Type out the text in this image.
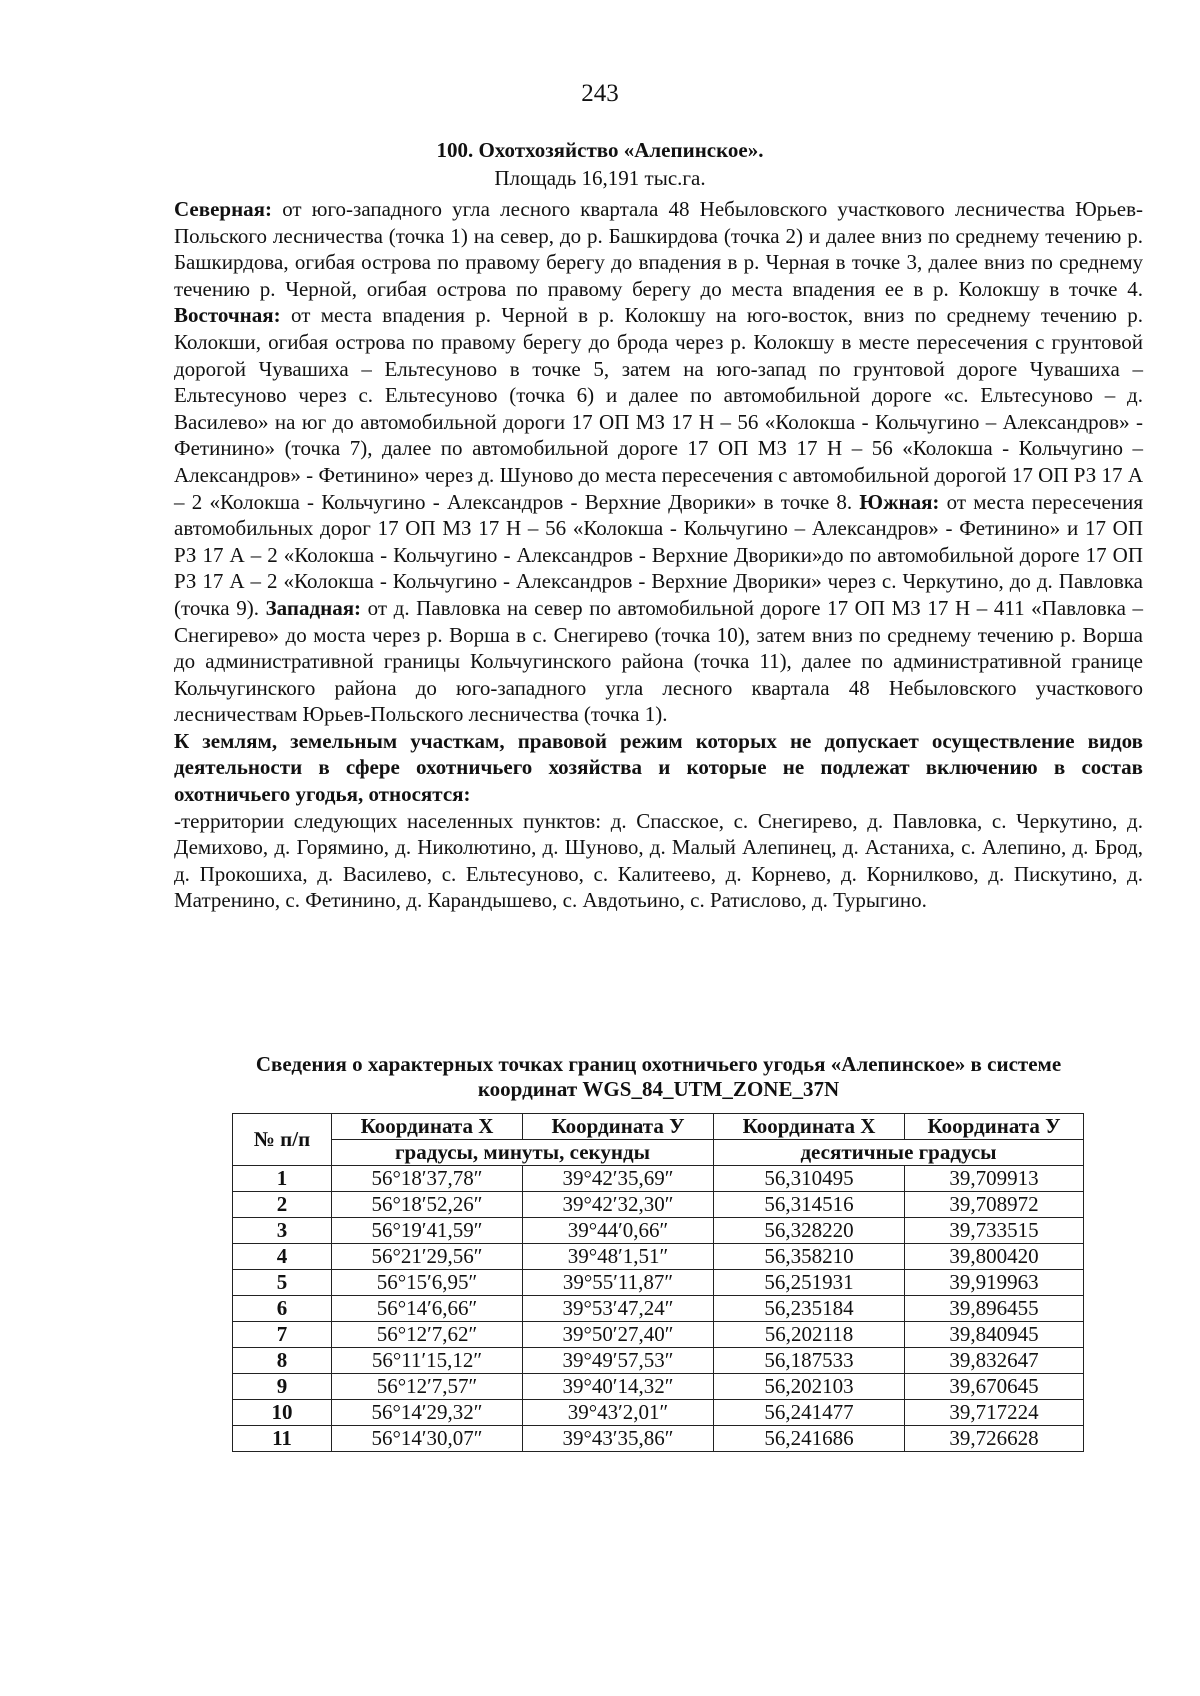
243
100. Охотхозяйство «Алепинское».
Площадь 16,191 тыс.га.

Северная: от юго-западного угла лесного квартала 48 Небыловского участкового лесничества Юрьев-Польского лесничества (точка 1) на север, до р. Башкирдова (точка 2) и далее вниз по среднему течению р. Башкирдова, огибая острова по правому берегу до впадения в р. Черная в точке 3, далее вниз по среднему течению р. Черной, огибая острова по правому берегу до места впадения ее в р. Колокшу в точке 4. Восточная: от места впадения р. Черной в р. Колокшу на юго-восток, вниз по среднему течению р. Колокши, огибая острова по правому берегу до брода через р. Колокшу в месте пересечения с грунтовой дорогой Чувашиха – Ельтесуново в точке 5, затем на юго-запад по грунтовой дороге Чувашиха – Ельтесуново через с. Ельтесуново (точка 6) и далее по автомобильной дороге «с. Ельтесуново – д. Василево» на юг до автомобильной дороги 17 ОП МЗ 17 Н – 56 «Колокша - Кольчугино – Александров» - Фетинино» (точка 7), далее по автомобильной дороге 17 ОП МЗ 17 Н – 56 «Колокша - Кольчугино – Александров» - Фетинино» через д. Шуново до места пересечения с автомобильной дорогой 17 ОП РЗ 17 А – 2 «Колокша - Кольчугино - Александров - Верхние Дворики» в точке 8. Южная: от места пересечения автомобильных дорог 17 ОП МЗ 17 Н – 56 «Колокша - Кольчугино – Александров» - Фетинино» и 17 ОП РЗ 17 А – 2 «Колокша - Кольчугино - Александров - Верхние Дворики»до по автомобильной дороге 17 ОП РЗ 17 А – 2 «Колокша - Кольчугино - Александров - Верхние Дворики» через с. Черкутино, до д. Павловка (точка 9). Западная: от д. Павловка на север по автомобильной дороге 17 ОП МЗ 17 Н – 411 «Павловка – Снегирево» до моста через р. Ворша в с. Снегирево (точка 10), затем вниз по среднему течению р. Ворша до административной границы Кольчугинского района (точка 11), далее по административной границе Кольчугинского района до юго-западного угла лесного квартала 48 Небыловского участкового лесничествам Юрьев-Польского лесничества (точка 1).

К землям, земельным участкам, правовой режим которых не допускает осуществление видов деятельности в сфере охотничьего хозяйства и которые не подлежат включению в состав охотничьего угодья, относятся:

-территории следующих населенных пунктов: д. Спасское, с. Снегирево, д. Павловка, с. Черкутино, д. Демихово, д. Горямино, д. Николютино, д. Шуново, д. Малый Алепинец, д. Астаниха, с. Алепино, д. Брод, д. Прокошиха, д. Василево, с. Ельтесуново, с. Калитеево, д. Корнево, д. Корнилково, д. Пискутино, д. Матренино, с. Фетинино, д. Карандышево, с. Авдотьино, с. Ратислово, д. Турыгино.

Сведения о характерных точках границ охотничьего угодья «Алепинское» в системе
координат WGS_84_UTM_ZONE_37N
№ п/п	Координата X	Координата У	Координата X	Координата У
	градусы, минуты, секунды		десятичные градусы	
1	56°18′37,78″	39°42′35,69″	56,310495	39,709913
2	56°18′52,26″	39°42′32,30″	56,314516	39,708972
3	56°19′41,59″	39°44′0,66″	56,328220	39,733515
4	56°21′29,56″	39°48′1,51″	56,358210	39,800420
5	56°15′6,95″	39°55′11,87″	56,251931	39,919963
6	56°14′6,66″	39°53′47,24″	56,235184	39,896455
7	56°12′7,62″	39°50′27,40″	56,202118	39,840945
8	56°11′15,12″	39°49′57,53″	56,187533	39,832647
9	56°12′7,57″	39°40′14,32″	56,202103	39,670645
10	56°14′29,32″	39°43′2,01″	56,241477	39,717224
11	56°14′30,07″	39°43′35,86″	56,241686	39,726628
